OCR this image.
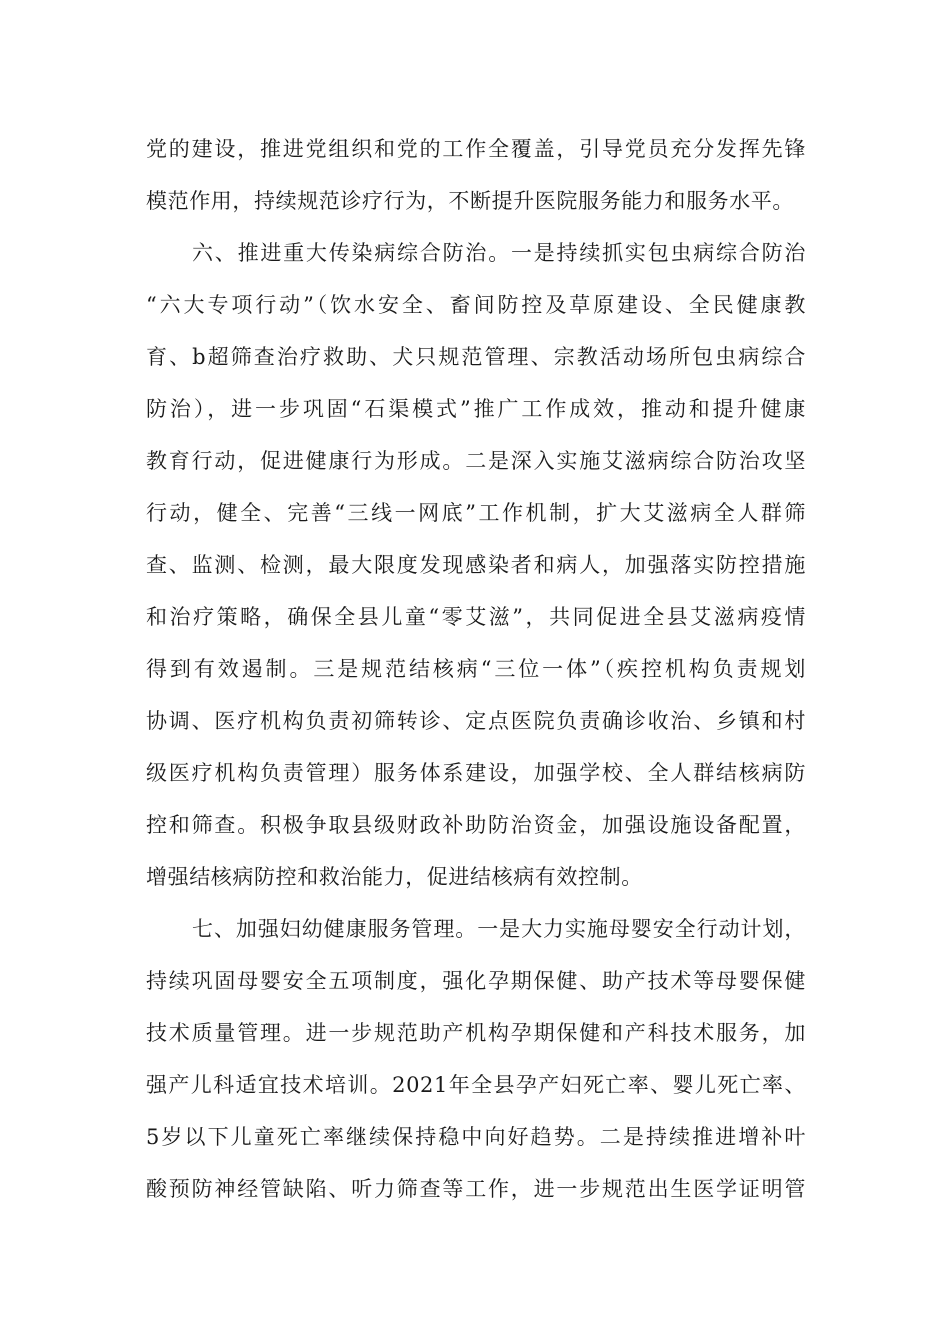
党的建设，推进党组织和党的工作全覆盖，引导党员充分发挥先锋
模范作用，持续规范诊疗行为，不断提升医院服务能力和服务水平。
六、推进重大传染病综合防治。一是持续抓实包虫病综合防治
“六大专项行动”（饮水安全、畜间防控及草原建设、全民健康教
育、b超筛查治疗救助、犬只规范管理、宗教活动场所包虫病综合
防治），进一步巩固“石渠模式”推广工作成效，推动和提升健康
教育行动，促进健康行为形成。二是深入实施艾滋病综合防治攻坚
行动，健全、完善“三线一网底”工作机制，扩大艾滋病全人群筛
查、监测、检测，最大限度发现感染者和病人，加强落实防控措施
和治疗策略，确保全县儿童“零艾滋”，共同促进全县艾滋病疫情
得到有效遏制。三是规范结核病“三位一体”（疾控机构负责规划
协调、医疗机构负责初筛转诊、定点医院负责确诊收治、乡镇和村
级医疗机构负责管理）服务体系建设，加强学校、全人群结核病防
控和筛查。积极争取县级财政补助防治资金，加强设施设备配置，
增强结核病防控和救治能力，促进结核病有效控制。
七、加强妇幼健康服务管理。一是大力实施母婴安全行动计划，
持续巩固母婴安全五项制度，强化孕期保健、助产技术等母婴保健
技术质量管理。进一步规范助产机构孕期保健和产科技术服务，加
强产儿科适宜技术培训。2021年全县孕产妇死亡率、婴儿死亡率、
5岁以下儿童死亡率继续保持稳中向好趋势。二是持续推进增补叶
酸预防神经管缺陷、听力筛查等工作，进一步规范出生医学证明管
